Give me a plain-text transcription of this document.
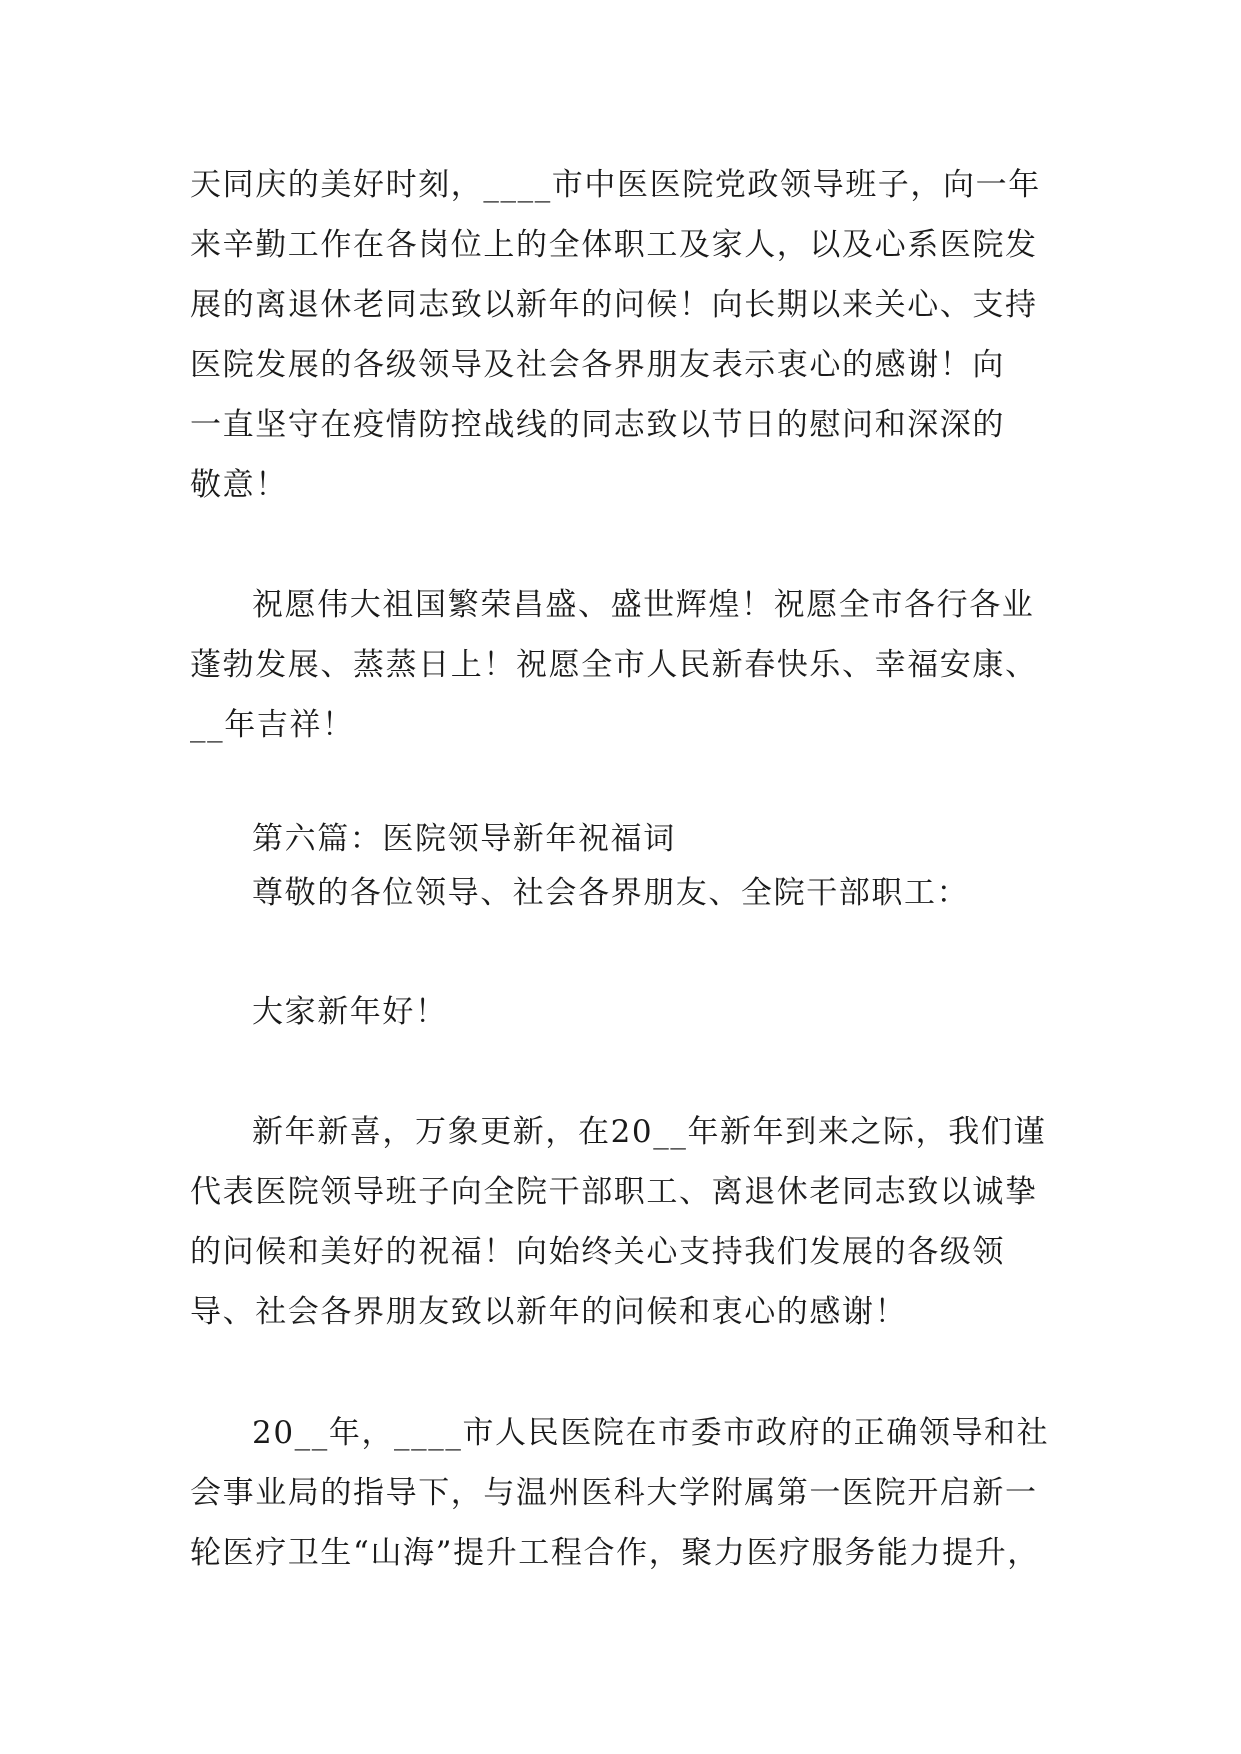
天同庆的美好时刻，____市中医医院党政领导班子，向一年

来辛勤工作在各岗位上的全体职工及家人，以及心系医院发

展的离退休老同志致以新年的问候！向长期以来关心、支持

医院发展的各级领导及社会各界朋友表示衷心的感谢！向

一直坚守在疫情防控战线的同志致以节日的慰问和深深的

敬意！

祝愿伟大祖国繁荣昌盛、盛世辉煌！祝愿全市各行各业

蓬勃发展、蒸蒸日上！祝愿全市人民新春快乐、幸福安康、

__年吉祥！

第六篇：医院领导新年祝福词

尊敬的各位领导、社会各界朋友、全院干部职工：

大家新年好！

新年新喜，万象更新，在20__年新年到来之际，我们谨

代表医院领导班子向全院干部职工、离退休老同志致以诚挚

的问候和美好的祝福！向始终关心支持我们发展的各级领

导、社会各界朋友致以新年的问候和衷心的感谢！

20__年，____市人民医院在市委市政府的正确领导和社

会事业局的指导下，与温州医科大学附属第一医院开启新一

轮医疗卫生“山海”提升工程合作，聚力医疗服务能力提升，
